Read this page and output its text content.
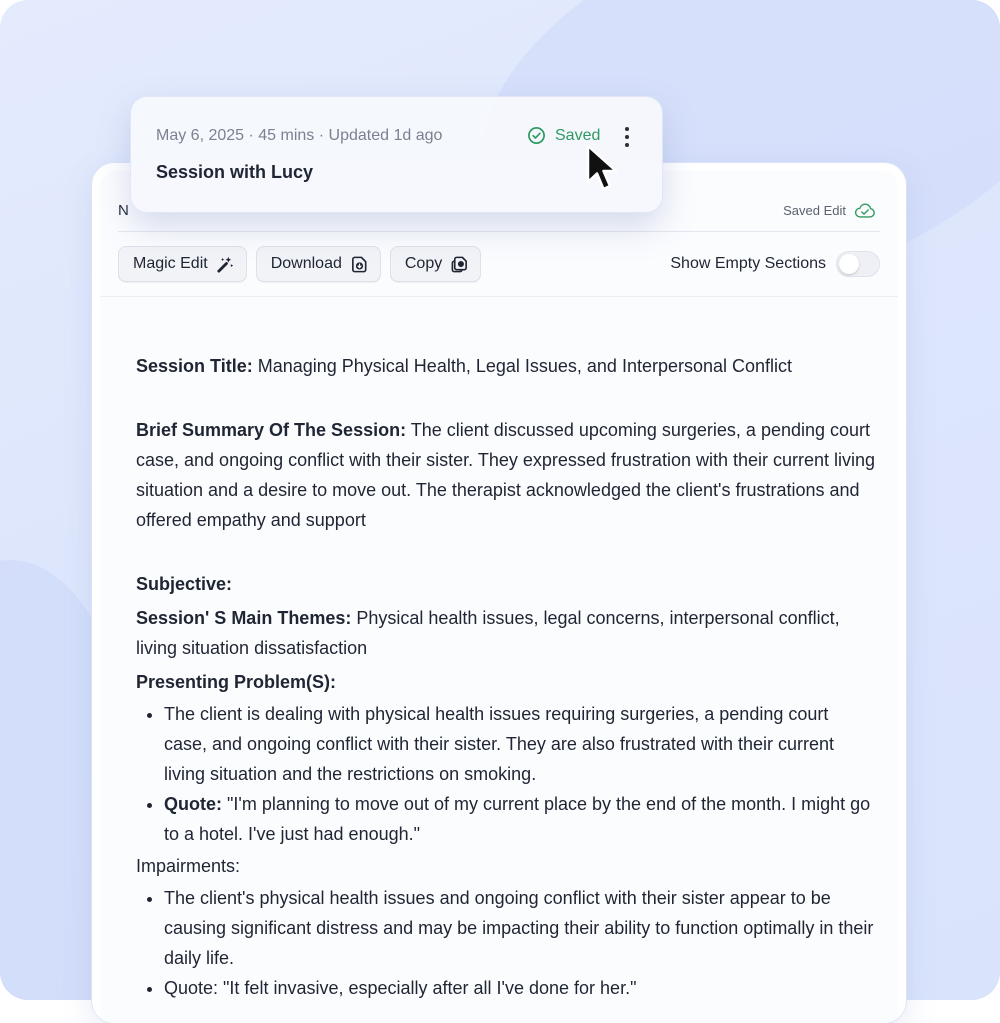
N	Saved Edit
Magic Edit	Download	Copy	Show Empty Sections

Session Title: Managing Physical Health, Legal Issues, and Interpersonal Conflict

Brief Summary Of The Session: The client discussed upcoming surgeries, a pending court case, and ongoing conflict with their sister. They expressed frustration with their current living situation and a desire to move out. The therapist acknowledged the client's frustrations and offered empathy and support

Subjective:

Session' S Main Themes: Physical health issues, legal concerns, interpersonal conflict, living situation dissatisfaction

Presenting Problem(S):

• The client is dealing with physical health issues requiring surgeries, a pending court case, and ongoing conflict with their sister. They are also frustrated with their current living situation and the restrictions on smoking.
• Quote: "I'm planning to move out of my current place by the end of the month. I might go to a hotel. I've just had enough."

Impairments:

• The client's physical health issues and ongoing conflict with their sister appear to be causing significant distress and may be impacting their ability to function optimally in their daily life.
• Quote: "It felt invasive, especially after all I've done for her."
May 6, 2025 · 45 mins · Updated 1d ago	Saved
Session with Lucy
